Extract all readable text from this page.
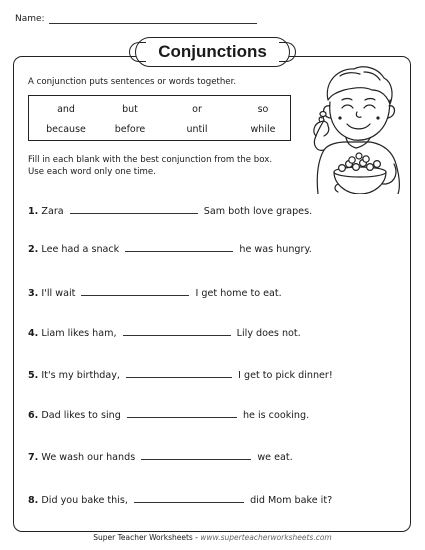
Name:
Conjunctions
A conjunction puts sentences or words together.
and	but	or	so
because	before	until	while
Fill in each blank with the best conjunction from the box.
Use each word only one time.
1. Zara	Sam both love grapes.
2. Lee had a snack	he was hungry.
3. I'll wait	I get home to eat.
4. Liam likes ham,	Lily does not.
5. It's my birthday,	I get to pick dinner!
6. Dad likes to sing	he is cooking.
7. We wash our hands	we eat.
8. Did you bake this,	did Mom bake it?
Super Teacher Worksheets - www.superteacherworksheets.com
